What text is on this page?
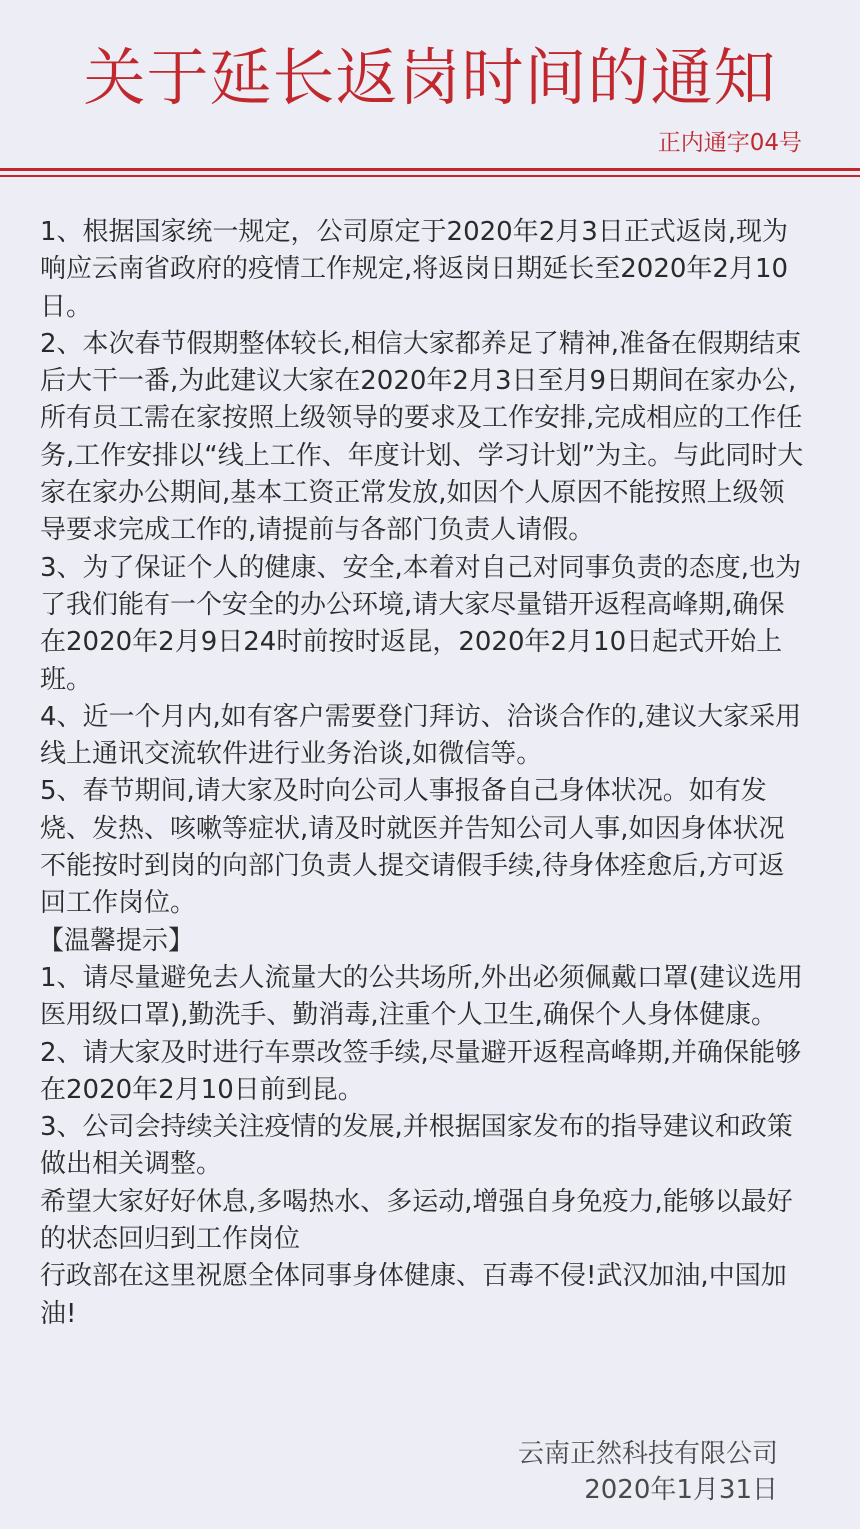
关于延长返岗时间的通知
正内通字04号

1、根据国家统一规定，公司原定于2020年2月3日正式返岗,现为响应云南省政府的疫情工作规定,将返岗日期延长至2020年2月10日。

2、本次春节假期整体较长,相信大家都养足了精神,准备在假期结束后大干一番,为此建议大家在2020年2月3日至月9日期间在家办公,所有员工需在家按照上级领导的要求及工作安排,完成相应的工作任务,工作安排以“线上工作、年度计划、学习计划”为主。与此同时大家在家办公期间,基本工资正常发放,如因个人原因不能按照上级领导要求完成工作的,请提前与各部门负责人请假。

3、为了保证个人的健康、安全,本着对自己对同事负责的态度,也为了我们能有一个安全的办公环境,请大家尽量错开返程高峰期,确保在2020年2月9日24时前按时返昆，2020年2月10日起式开始上班。

4、近一个月内,如有客户需要登门拜访、洽谈合作的,建议大家采用线上通讯交流软件进行业务治谈,如微信等。

5、春节期间,请大家及时向公司人事报备自己身体状况。如有发烧、发热、咳嗽等症状,请及时就医并告知公司人事,如因身体状况不能按时到岗的向部门负责人提交请假手续,待身体痊愈后,方可返回工作岗位。

【温馨提示】

1、请尽量避免去人流量大的公共场所,外出必须佩戴口罩(建议选用医用级口罩),勤洗手、勤消毒,注重个人卫生,确保个人身体健康。

2、请大家及时进行车票改签手续,尽量避开返程高峰期,并确保能够在2020年2月10日前到昆。

3、公司会持续关注疫情的发展,并根据国家发布的指导建议和政策做出相关调整。

希望大家好好休息,多喝热水、多运动,增强自身免疫力,能够以最好的状态回归到工作岗位

行政部在这里祝愿全体同事身体健康、百毒不侵!武汉加油,中国加油!

云南正然科技有限公司
2020年1月31日
